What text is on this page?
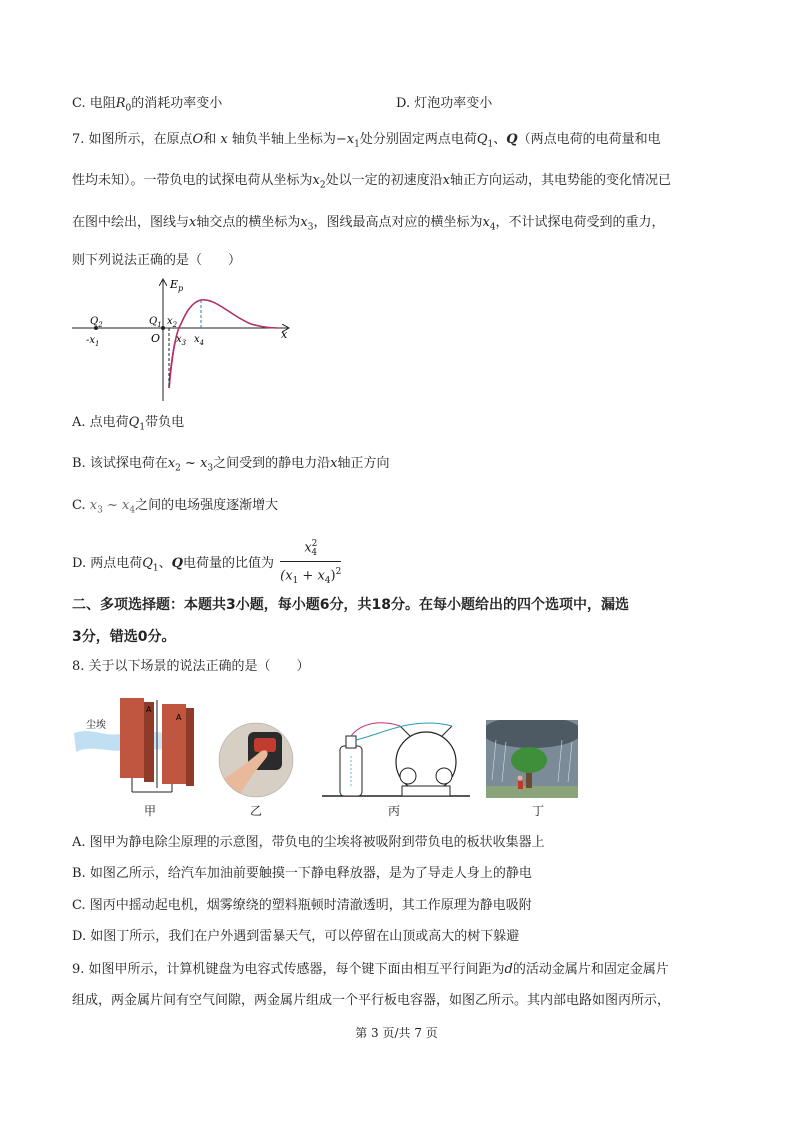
C. 电阻$R_0$的消耗功率变小	D. 灯泡功率变小
7. 如图所示，在原点O和 x 轴负半轴上坐标为$-x_1$处分别固定两点电荷$Q_1$、Q（两点电荷的电荷量和电
性均未知）。一带负电的试探电荷从坐标为$x_2$处以一定的初速度沿x轴正方向运动，其电势能的变化情况已
在图中绘出，图线与x轴交点的横坐标为$x_3$，图线最高点对应的横坐标为$x_4$，不计试探电荷受到的重力，
则下列说法正确的是（　　）
$E_p$
x
O
$Q_1$
$Q_2$
$-x_1$
$x_2$
$x_3$ $x_4$
A. 点电荷$Q_1$带负电
B. 该试探电荷在$x_2$ ~ $x_3$之间受到的静电力沿x轴正方向
C. $x_3$ ~ $x_4$之间的电场强度逐渐增大
D. 两点电荷$Q_1$、Q电荷量的比值为 $\frac{x^2_4}{(x_1 + x_4)^2}$
二、多项选择题：本题共3小题，每小题6分，共18分。在每小题给出的四个选项中，漏选
3分，错选0分。
8. 关于以下场景的说法正确的是（　　）
尘埃
A
A
甲	乙	丙	丁
A. 图甲为静电除尘原理的示意图，带负电的尘埃将被吸附到带负电的板状收集器上
B. 如图乙所示，给汽车加油前要触摸一下静电释放器，是为了导走人身上的静电
C. 图丙中摇动起电机，烟雾缭绕的塑料瓶顿时清澈透明，其工作原理为静电吸附
D. 如图丁所示，我们在户外遇到雷暴天气，可以停留在山顶或高大的树下躲避
9. 如图甲所示，计算机键盘为电容式传感器，每个键下面由相互平行间距为d的活动金属片和固定金属片
组成，两金属片间有空气间隙，两金属片组成一个平行板电容器，如图乙所示。其内部电路如图丙所示，
第 3 页/共 7 页
